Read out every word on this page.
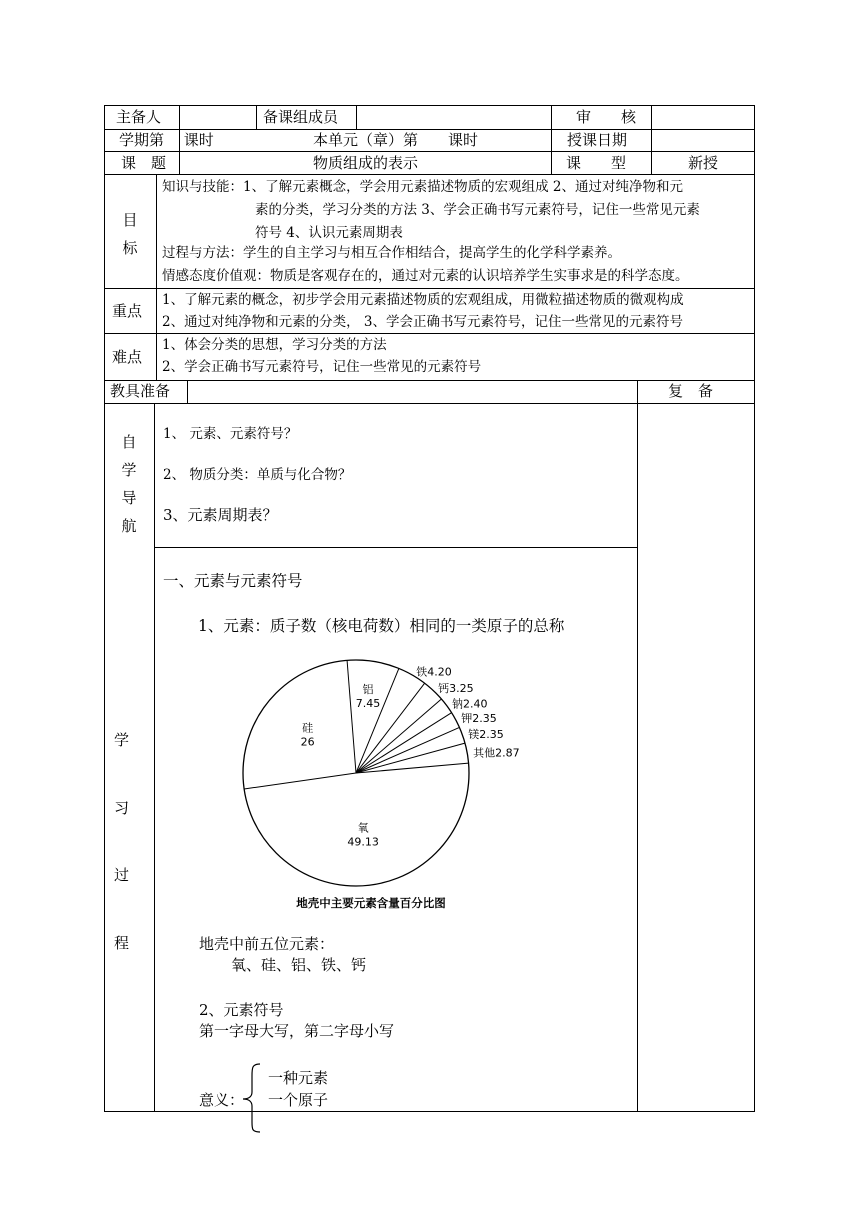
主备人	备课组成员	审　　核
学期第　 课时	本单元（章）第　　课时	授课日期
课　题	物质组成的表示	课　　型	新授
目
标
知识与技能：1、了解元素概念，学会用元素描述物质的宏观组成 2、通过对纯净物和元
素的分类，学习分类的方法 3、学会正确书写元素符号，记住一些常见元素
符号 4、认识元素周期表
过程与方法：学生的自主学习与相互合作相结合，提高学生的化学科学素养。
情感态度价值观：物质是客观存在的，通过对元素的认识培养学生实事求是的科学态度。
重点
1、了解元素的概念，初步学会用元素描述物质的宏观组成，用微粒描述物质的微观构成
2、通过对纯净物和元素的分类， 3、学会正确书写元素符号，记住一些常见的元素符号
难点
1、体会分类的思想，学习分类的方法
2、学会正确书写元素符号，记住一些常见的元素符号
教具准备	复　备
自
学
导
航
1、 元素、元素符号？
2、 物质分类：单质与化合物？
3、元素周期表？
学
习
过
程
一、元素与元素符号
1、元素：质子数（核电荷数）相同的一类原子的总称
氧 49.13
硅 26
铝 7.45
铁4.20
钙3.25
钠2.40
钾2.35
镁2.35
其他2.87
地壳中主要元素含量百分比图
地壳中前五位元素：
氧、硅、铝、铁、钙
2、元素符号
第一字母大写，第二字母小写
一种元素
意义： 一个原子
